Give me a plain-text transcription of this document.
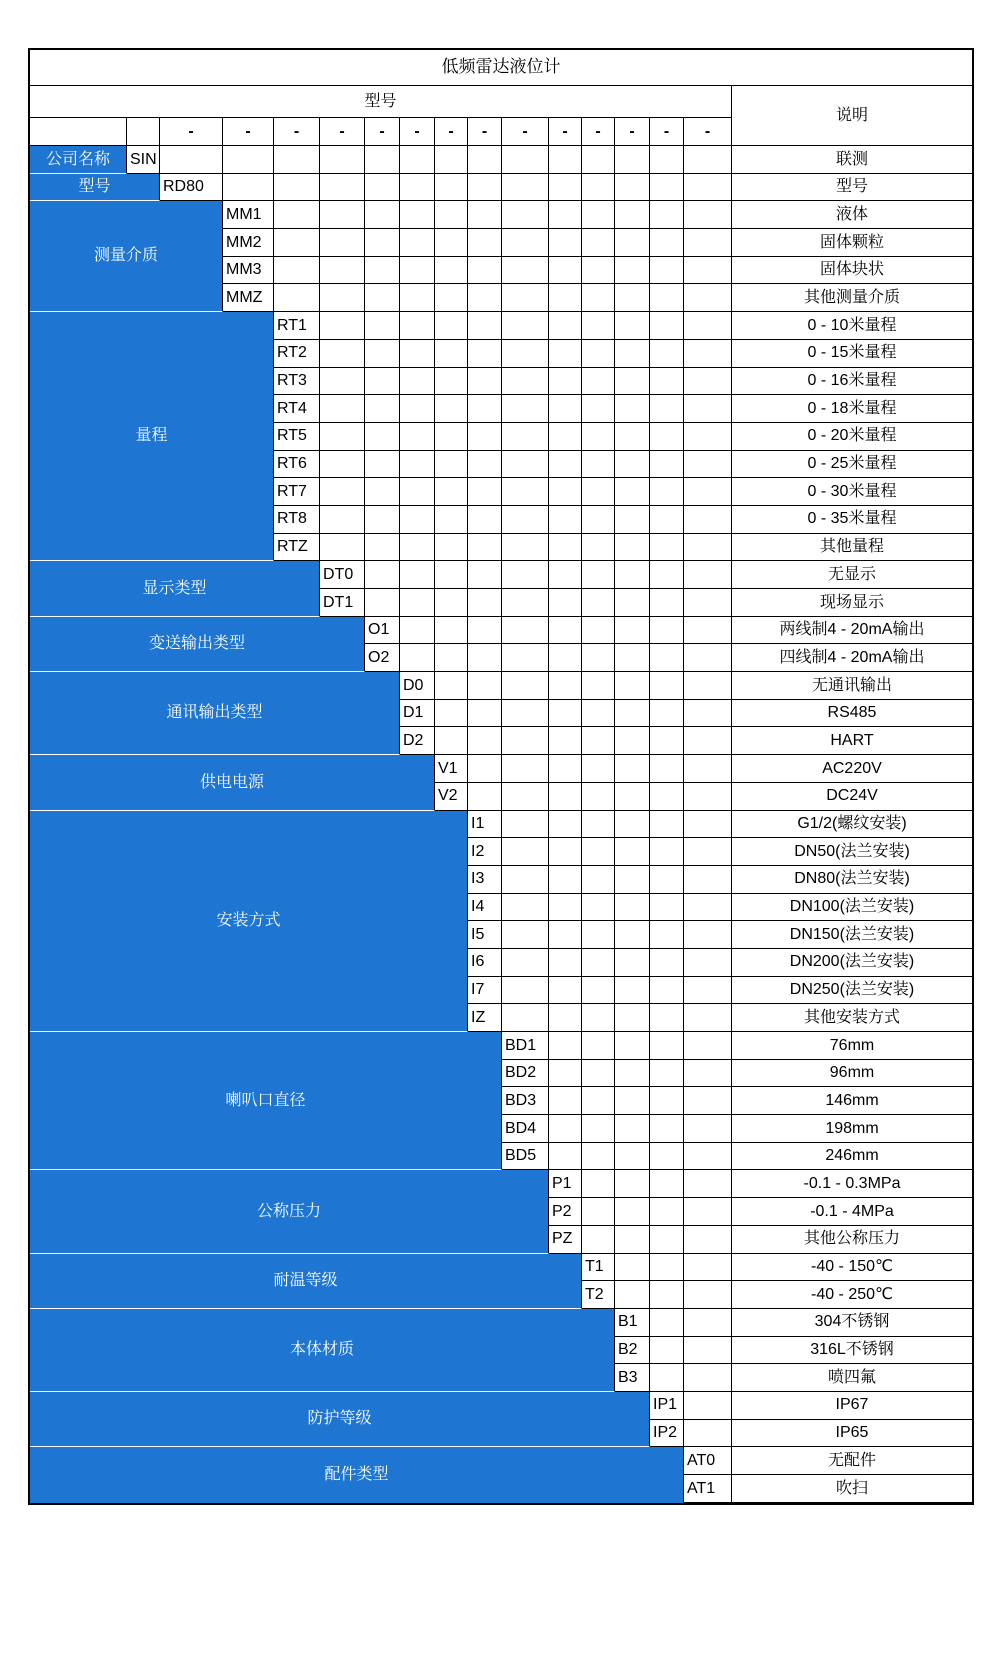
低频雷达液位计																
型号																说明
		-	-	-	-	-	-	-	-	-	-	-	-	-	-	
公司名称	SIN															联测
型号		RD80														型号
测量介质			MM1													液体
			MM2													固体颗粒
			MM3													固体块状
			MMZ													其他测量介质
量程				RT1												0 - 10米量程
				RT2												0 - 15米量程
				RT3												0 - 16米量程
				RT4												0 - 18米量程
				RT5												0 - 20米量程
				RT6												0 - 25米量程
				RT7												0 - 30米量程
				RT8												0 - 35米量程
				RTZ												其他量程
显示类型					DT0											无显示
					DT1											现场显示
变送输出类型						O1										两线制4 - 20mA输出
						O2										四线制4 - 20mA输出
通讯输出类型							D0									无通讯输出
							D1									RS485
							D2									HART
供电电源								V1								AC220V
								V2								DC24V
安装方式									I1							G1/2(螺纹安装)
									I2							DN50(法兰安装)
									I3							DN80(法兰安装)
									I4							DN100(法兰安装)
									I5							DN150(法兰安装)
									I6							DN200(法兰安装)
									I7							DN250(法兰安装)
									IZ							其他安装方式
喇叭口直径										BD1						76mm
										BD2						96mm
										BD3						146mm
										BD4						198mm
										BD5						246mm
公称压力											P1					-0.1 - 0.3MPa
											P2					-0.1 - 4MPa
											PZ					其他公称压力
耐温等级												T1				-40 - 150℃
												T2				-40 - 250℃
本体材质													B1			304不锈钢
													B2			316L不锈钢
													B3			喷四氟
防护等级														IP1		IP67
														IP2		IP65
配件类型															AT0	无配件
															AT1	吹扫
